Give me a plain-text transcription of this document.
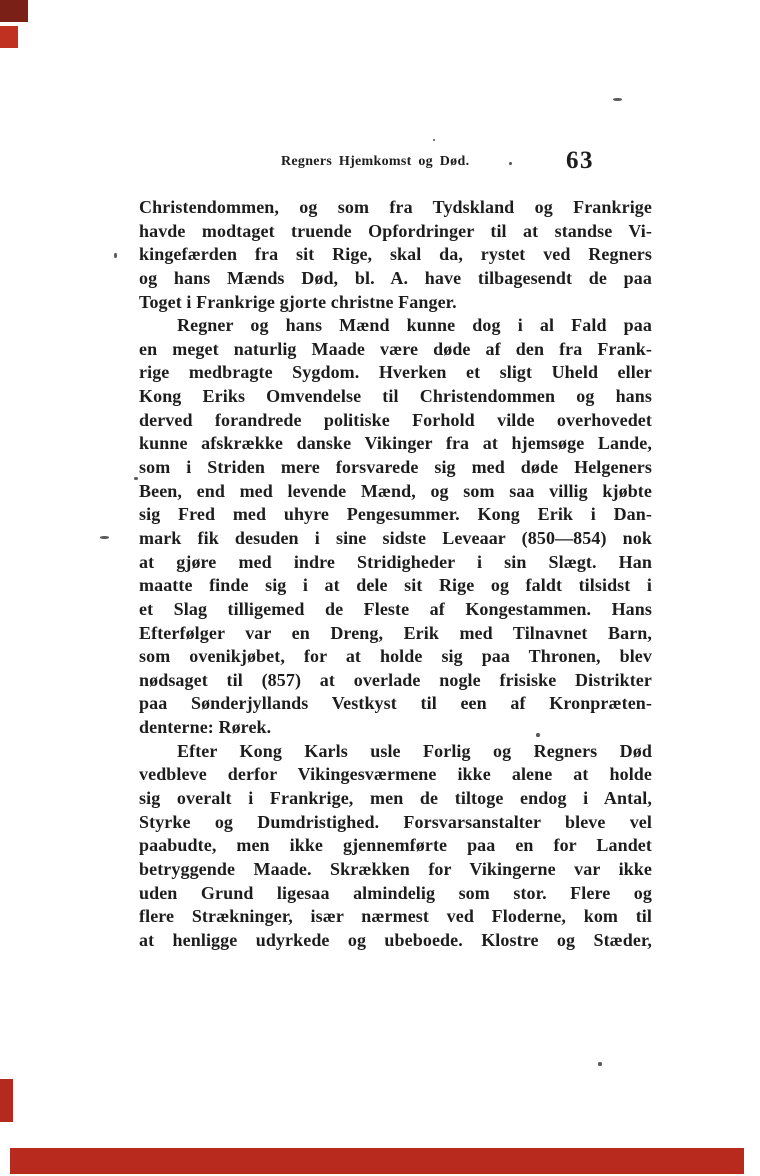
Regners Hjemkomst og Død.	63
Christendommen, og som fra Tydskland og Frankrige
havde modtaget truende Opfordringer til at standse Vi-
kingefærden fra sit Rige, skal da, rystet ved Regners
og hans Mænds Død, bl. A. have tilbagesendt de paa
Toget i Frankrige gjorte christne Fanger.
Regner og hans Mænd kunne dog i al Fald paa
en meget naturlig Maade være døde af den fra Frank-
rige medbragte Sygdom. Hverken et sligt Uheld eller
Kong Eriks Omvendelse til Christendommen og hans
derved forandrede politiske Forhold vilde overhovedet
kunne afskrække danske Vikinger fra at hjemsøge Lande,
som i Striden mere forsvarede sig med døde Helgeners
Been, end med levende Mænd, og som saa villig kjøbte
sig Fred med uhyre Pengesummer. Kong Erik i Dan-
mark fik desuden i sine sidste Leveaar (850—854) nok
at gjøre med indre Stridigheder i sin Slægt. Han
maatte finde sig i at dele sit Rige og faldt tilsidst i
et Slag tilligemed de Fleste af Kongestammen. Hans
Efterfølger var en Dreng, Erik med Tilnavnet Barn,
som ovenikjøbet, for at holde sig paa Thronen, blev
nødsaget til (857) at overlade nogle frisiske Distrikter
paa Sønderjyllands Vestkyst til een af Kronpræten-
denterne: Rørek.
Efter Kong Karls usle Forlig og Regners Død
vedbleve derfor Vikingesværmene ikke alene at holde
sig overalt i Frankrige, men de tiltoge endog i Antal,
Styrke og Dumdristighed. Forsvarsanstalter bleve vel
paabudte, men ikke gjennemførte paa en for Landet
betryggende Maade. Skrækken for Vikingerne var ikke
uden Grund ligesaa almindelig som stor. Flere og
flere Strækninger, især nærmest ved Floderne, kom til
at henligge udyrkede og ubeboede. Klostre og Stæder,
